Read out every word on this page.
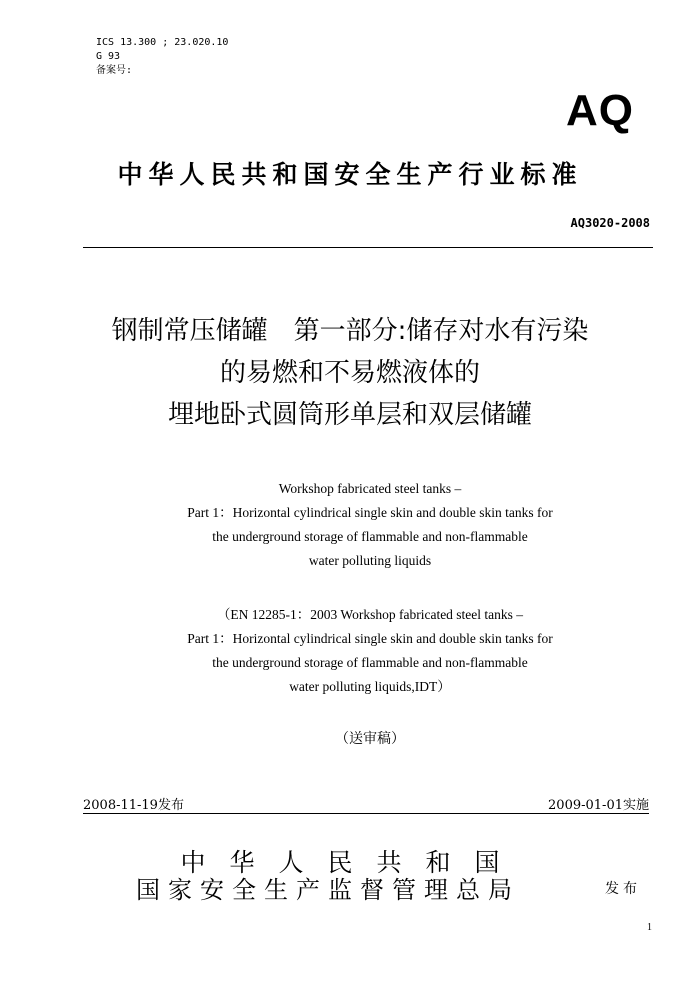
ICS 13.300 ; 23.020.10
G 93
备案号:
AQ
中华人民共和国安全生产行业标准
AQ3020-2008
钢制常压储罐　第一部分:储存对水有污染
的易燃和不易燃液体的
埋地卧式圆筒形单层和双层储罐
Workshop fabricated steel tanks –
Part 1：Horizontal cylindrical single skin and double skin tanks for
the underground storage of flammable and non-flammable
water polluting liquids
（EN 12285-1：2003 Workshop fabricated steel tanks –
Part 1：Horizontal cylindrical single skin and double skin tanks for
the underground storage of flammable and non-flammable
water polluting liquids,IDT）
（送审稿）
2008-11-19发布	2009-01-01实施
中华人民共和国
国家安全生产监督管理总局	发布
1
